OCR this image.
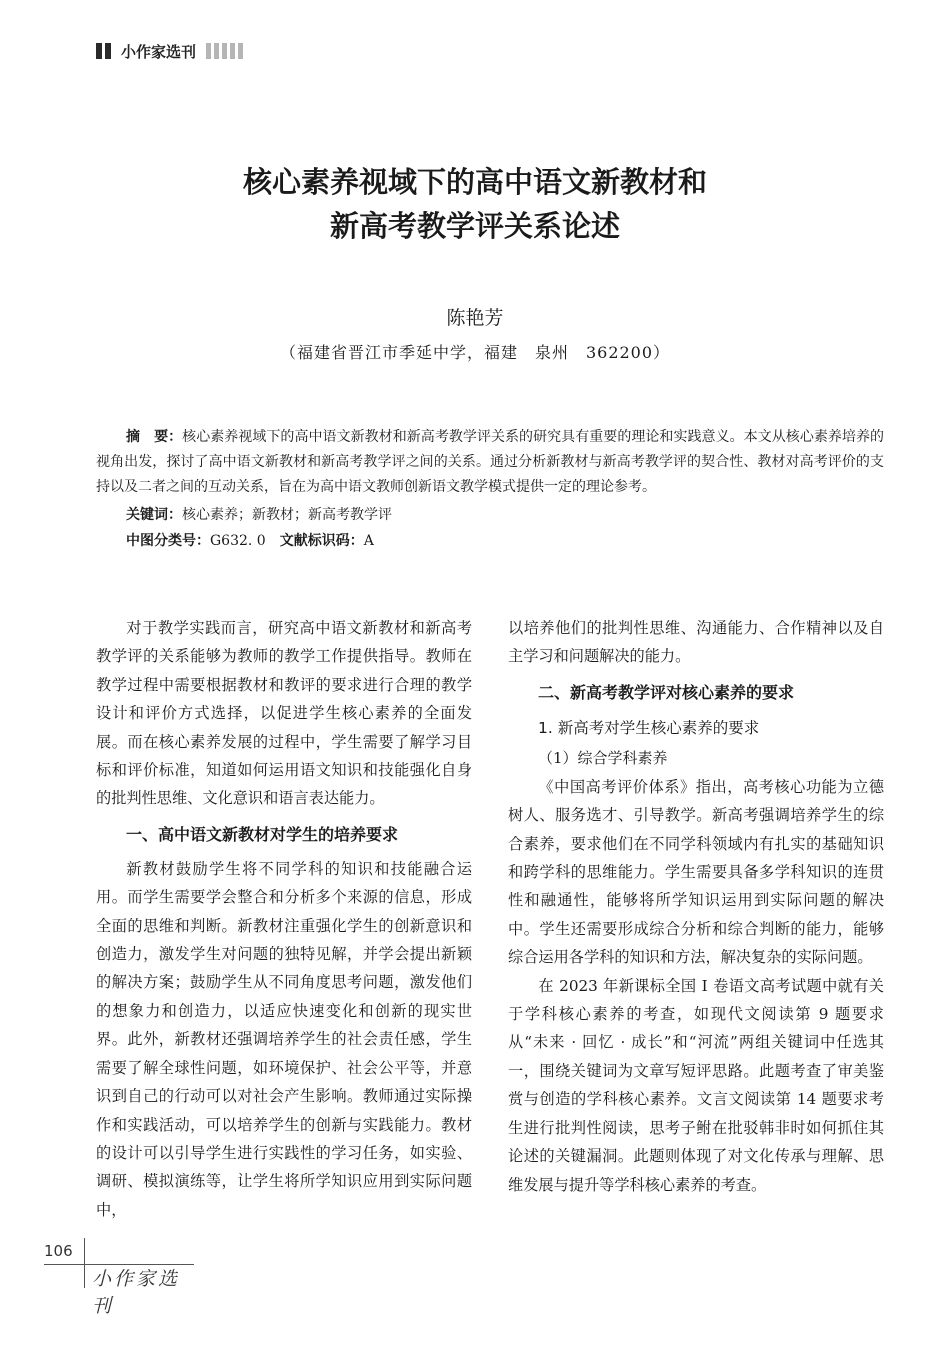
小作家选刊
核心素养视域下的高中语文新教材和
新高考教学评关系论述
陈艳芳
（福建省晋江市季延中学，福建　泉州　362200）

摘　要：核心素养视域下的高中语文新教材和新高考教学评关系的研究具有重要的理论和实践意义。本文从核心素养培养的视角出发，探讨了高中语文新教材和新高考教学评之间的关系。通过分析新教材与新高考教学评的契合性、教材对高考评价的支持以及二者之间的互动关系，旨在为高中语文教师创新语文教学模式提供一定的理论参考。

关键词：核心素养；新教材；新高考教学评
中图分类号：G632. 0  文献标识码：A

对于教学实践而言，研究高中语文新教材和新高考教学评的关系能够为教师的教学工作提供指导。教师在教学过程中需要根据教材和教评的要求进行合理的教学设计和评价方式选择，以促进学生核心素养的全面发展。而在核心素养发展的过程中，学生需要了解学习目标和评价标准，知道如何运用语文知识和技能强化自身的批判性思维、文化意识和语言表达能力。

一、高中语文新教材对学生的培养要求

新教材鼓励学生将不同学科的知识和技能融合运用。而学生需要学会整合和分析多个来源的信息，形成全面的思维和判断。新教材注重强化学生的创新意识和创造力，激发学生对问题的独特见解，并学会提出新颖的解决方案；鼓励学生从不同角度思考问题，激发他们的想象力和创造力，以适应快速变化和创新的现实世界。此外，新教材还强调培养学生的社会责任感，学生需要了解全球性问题，如环境保护、社会公平等，并意识到自己的行动可以对社会产生影响。教师通过实际操作和实践活动，可以培养学生的创新与实践能力。教材的设计可以引导学生进行实践性的学习任务，如实验、调研、模拟演练等，让学生将所学知识应用到实际问题中，

以培养他们的批判性思维、沟通能力、合作精神以及自主学习和问题解决的能力。

二、新高考教学评对核心素养的要求
1. 新高考对学生核心素养的要求
（1）综合学科素养

《中国高考评价体系》指出，高考核心功能为立德树人、服务选才、引导教学。新高考强调培养学生的综合素养，要求他们在不同学科领域内有扎实的基础知识和跨学科的思维能力。学生需要具备多学科知识的连贯性和融通性，能够将所学知识运用到实际问题的解决中。学生还需要形成综合分析和综合判断的能力，能够综合运用各学科的知识和方法，解决复杂的实际问题。

在 2023 年新课标全国 Ⅰ 卷语文高考试题中就有关于学科核心素养的考查，如现代文阅读第 9 题要求从“未来 · 回忆 · 成长”和“河流”两组关键词中任选其一，围绕关键词为文章写短评思路。此题考查了审美鉴赏与创造的学科核心素养。文言文阅读第 14 题要求考生进行批判性阅读，思考子鲋在批驳韩非时如何抓住其论述的关键漏洞。此题则体现了对文化传承与理解、思维发展与提升等学科核心素养的考查。

106
小作家选刊
